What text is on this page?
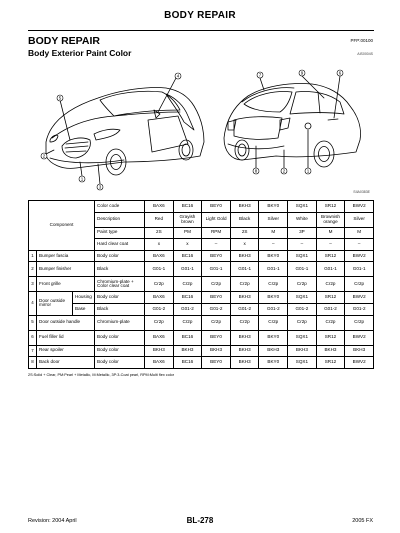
BODY REPAIR
BODY REPAIR	PFP:00100
Body Exterior Paint Color	AIS0004S
5
4
2
1
3
7	9	6
8	2	1
SIIA0383E
Component			Color code	BAX6	BC16	BEY0	BKH3	BKY0	SQX1	SR12	BWV2
			Description	Red	Grayish brown	Light Gold	Black	Silver	White	Brownish orange	Silver
			Paint type	2S	PM	RPM	2S	M	3P	M	M
			Hard clear coat	x	x	–	x	–	–	–	–
1	Bumper fascia		Body color	BAX6	BC16	BEY0	BKH3	BKY0	SQX1	SR12	BWV2
2	Bumper finisher		Black	G01-1	G01-1	G01-1	G01-1	G01-1	G01-1	G01-1	G01-1
3	Front grille		Chromium-plate + Color clear coat	Cr2p	Cr2p	Cr2p	Cr2p	Cr2p	Cr2p	Cr2p	Cr2p
4	Door outside mirror	Housing	Body color	BAX6	BC16	BEY0	BKH3	BKY0	SQX1	SR12	BWV2
		Base	Black	G01-2	G01-2	G01-2	G01-2	G01-2	G01-2	G01-2	G01-2
5	Door outside handle		Chromium-plate	Cr2p	Cr2p	Cr2p	Cr2p	Cr2p	Cr2p	Cr2p	Cr2p
6	Fuel filler lid		Body color	BAX6	BC16	BEY0	BKH3	BKY0	SQX1	SR12	BWV2
7	Rear spoiler		Body color	BKH3	BKH3	BKH3	BKH3	BKH3	BKH3	BKH3	BKH3
8	Back door		Body color	BAX6	BC16	BEY0	BKH3	BKY0	SQX1	SR12	BWV2
2S:Solid + Clear, PM:Pearl + Metallic, M:Metallic, 3P:3-Coat pearl, RPM:Multi flex color
Revision: 2004 April	BL-278	2005 FX
